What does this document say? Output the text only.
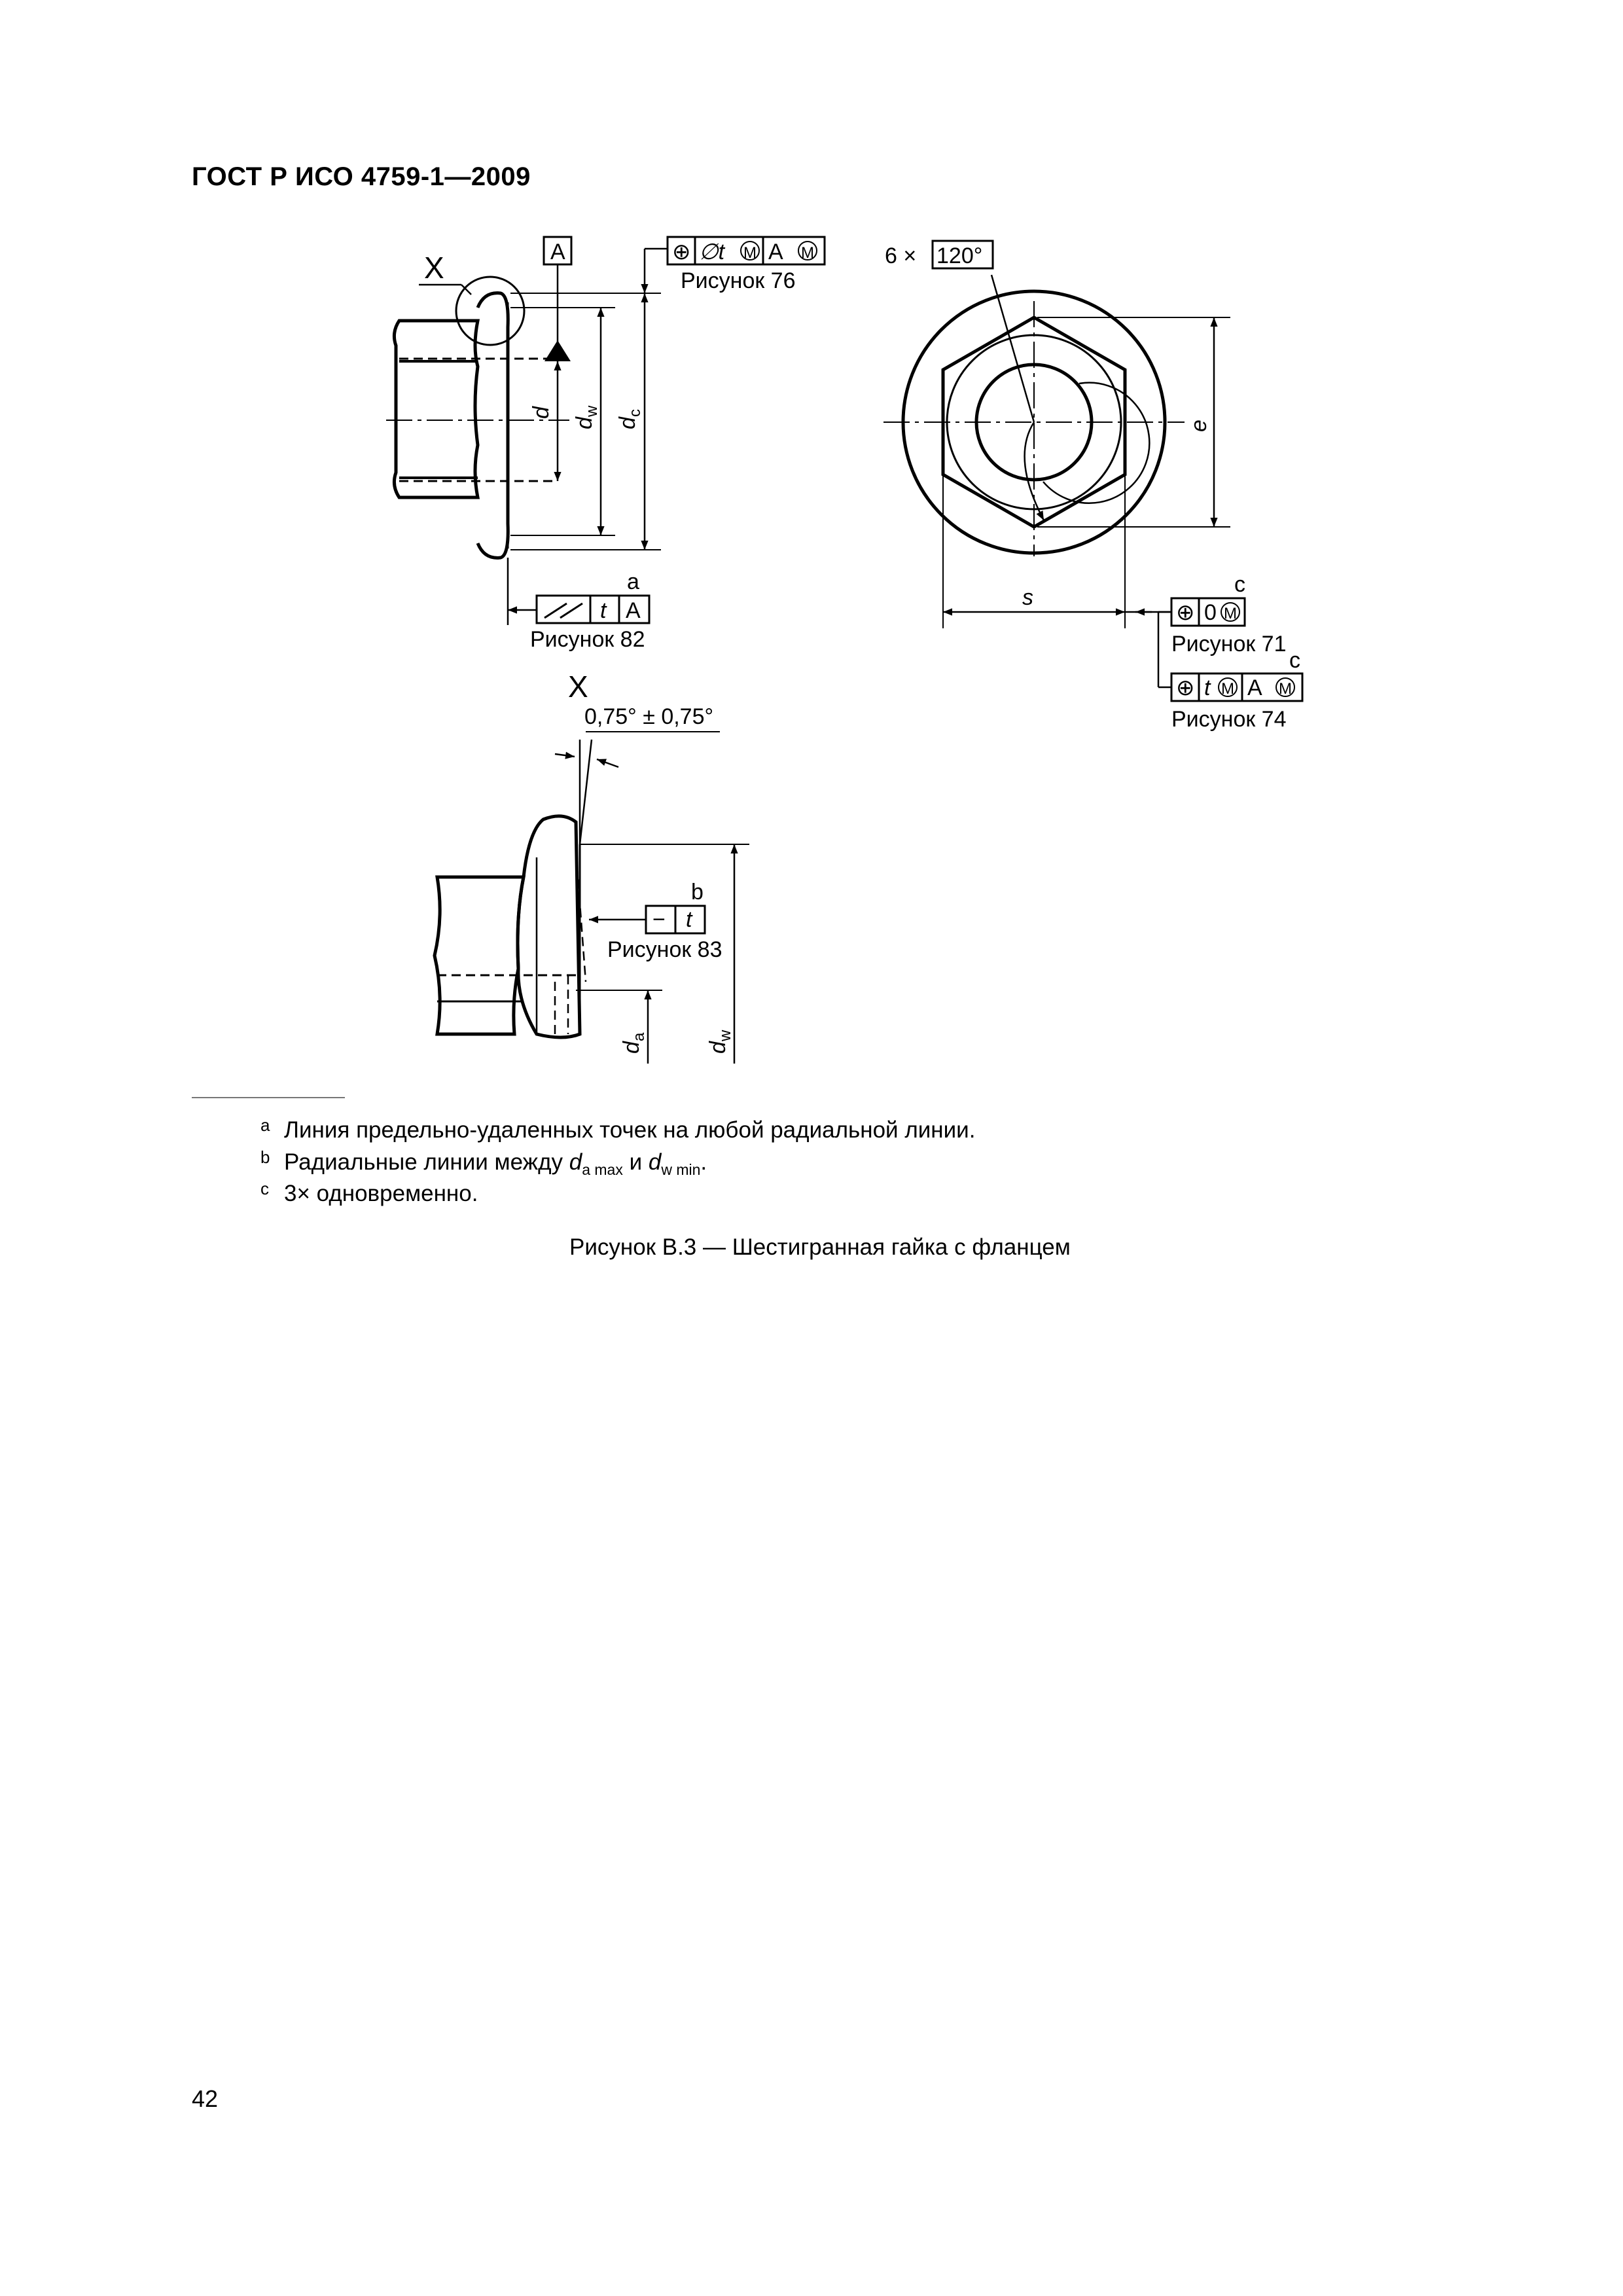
ГОСТ Р ИСО 4759-1—2009
X	A	⊕ ∅t M A M
Рисунок 76
a
t A
Рисунок 82
d
d
w
d
c
6 × 120°
e
s
c
⊕ 0 M
Рисунок 71
c
⊕ t M A M
Рисунок 74
X
0,75° ± 0,75°
b
− t
Рисунок 83
d
a
d
w
a Линия предельно-удаленных точек на любой радиальной линии.
b Радиальные линии между $d_{a max}$ и $d_{w min}$.
c 3× одновременно.
Рисунок В.3 — Шестигранная гайка с фланцем
42
